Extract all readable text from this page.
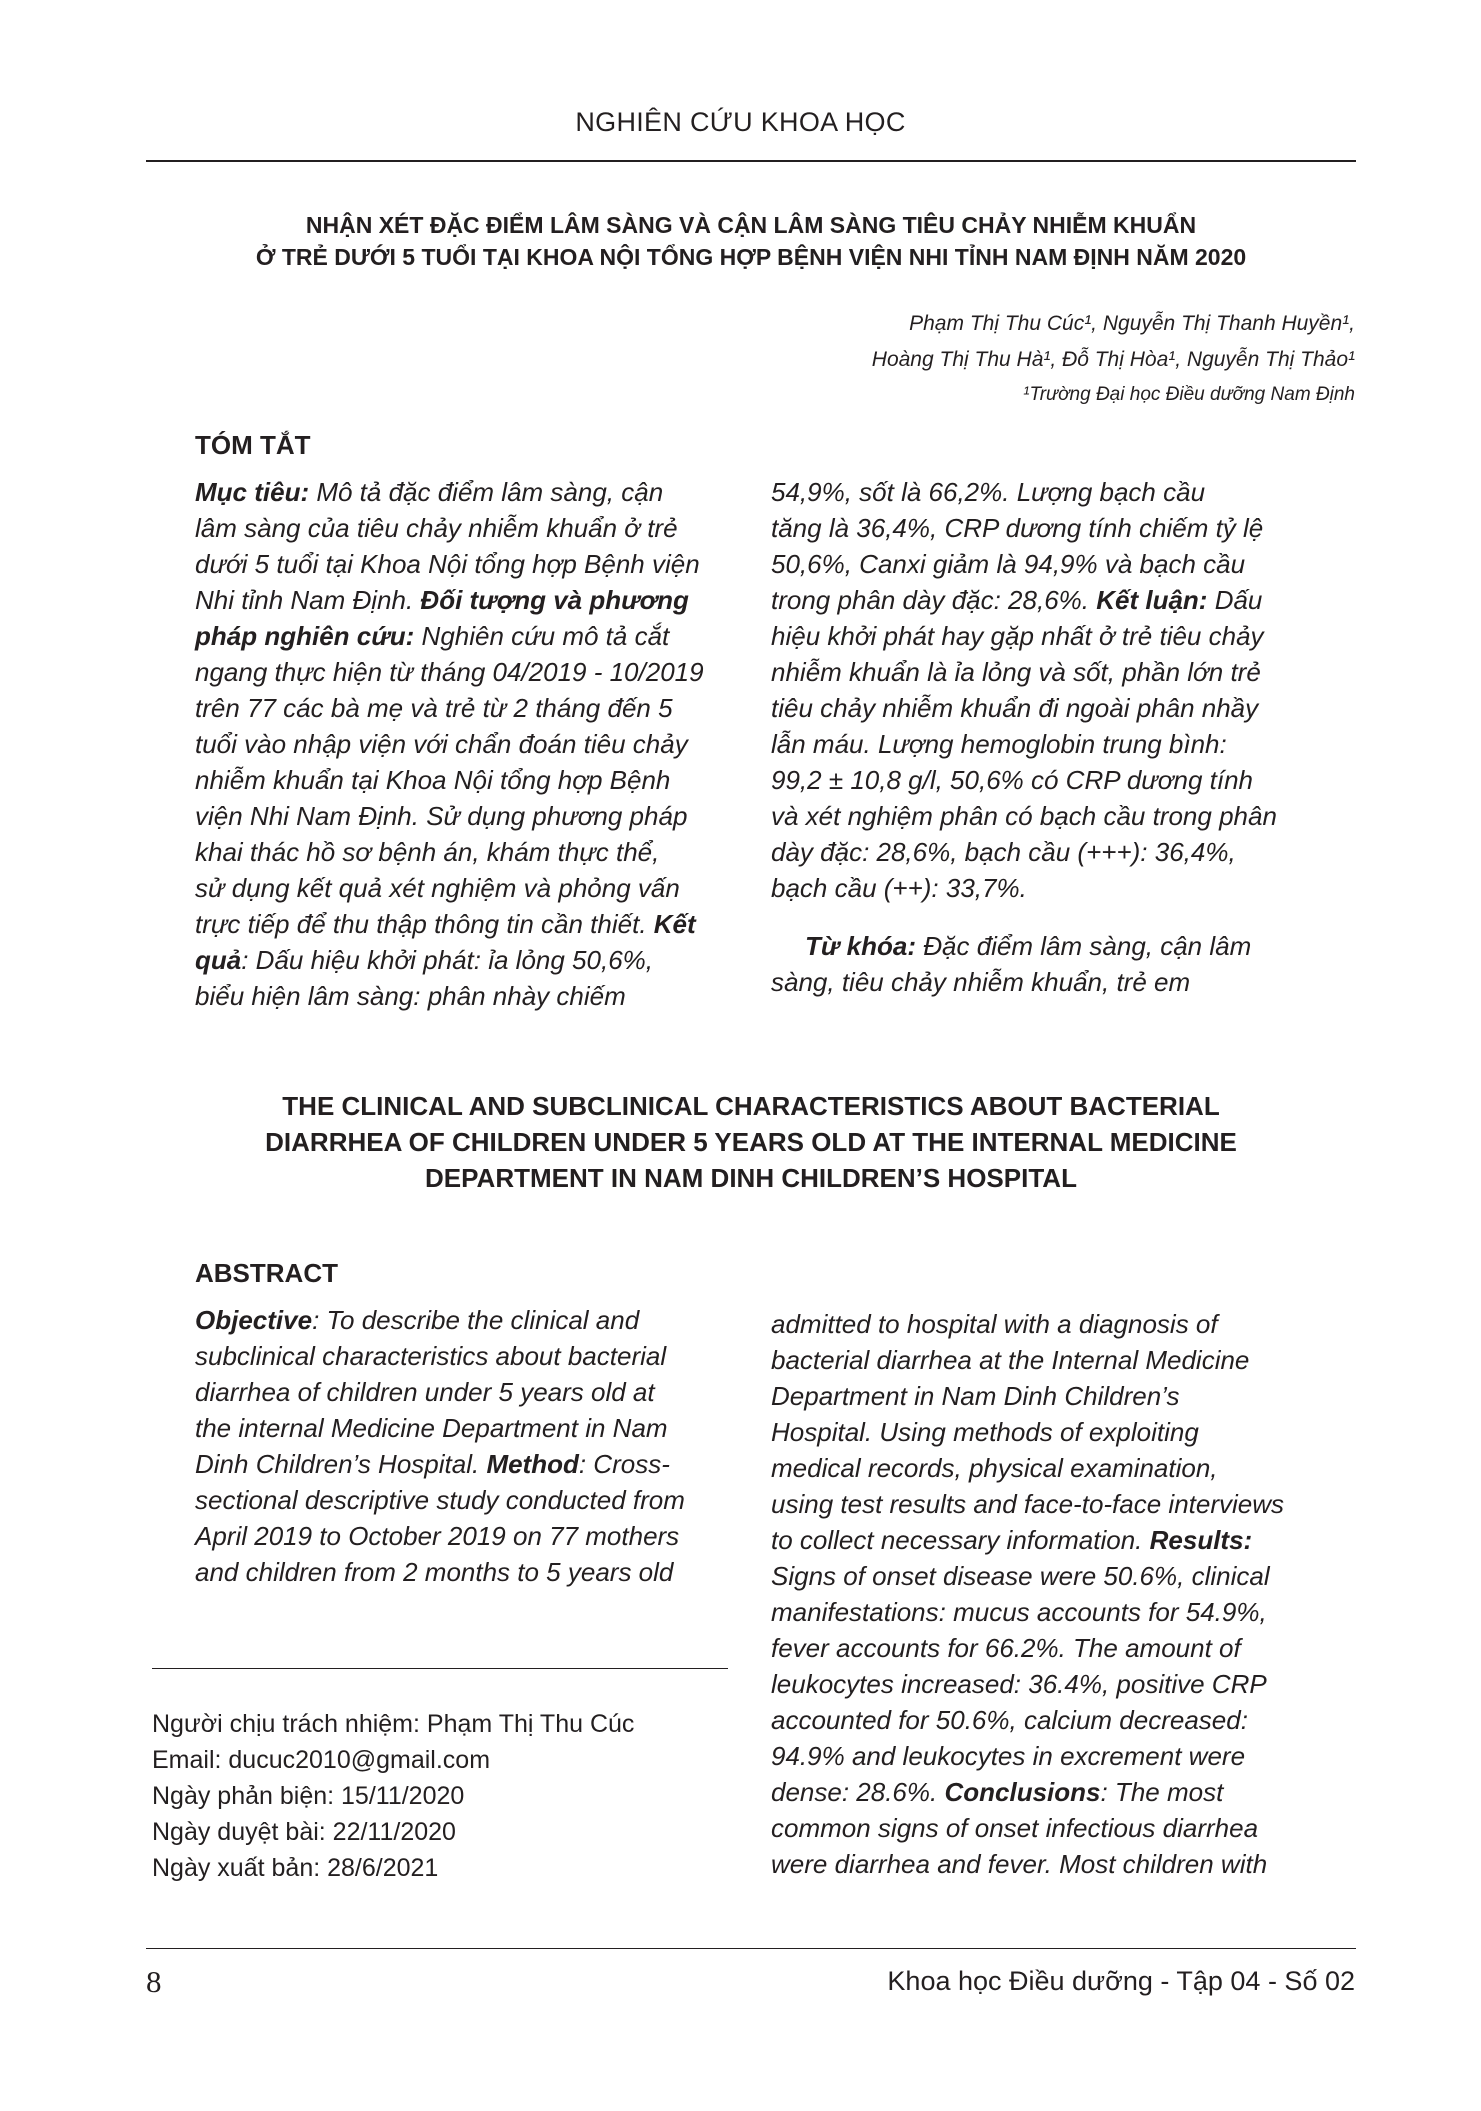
NGHIÊN CỨU KHOA HỌC
NHẬN XÉT ĐẶC ĐIỂM LÂM SÀNG VÀ CẬN LÂM SÀNG TIÊU CHẢY NHIỄM KHUẨN
Ở TRẺ DƯỚI 5 TUỔI TẠI KHOA NỘI TỔNG HỢP BỆNH VIỆN NHI TỈNH NAM ĐỊNH NĂM 2020
Phạm Thị Thu Cúc¹, Nguyễn Thị Thanh Huyền¹,
Hoàng Thị Thu Hà¹, Đỗ Thị Hòa¹, Nguyễn Thị Thảo¹
¹Trường Đại học Điều dưỡng Nam Định
TÓM TẮT
Mục tiêu: Mô tả đặc điểm lâm sàng, cận
lâm sàng của tiêu chảy nhiễm khuẩn ở trẻ
dưới 5 tuổi tại Khoa Nội tổng hợp Bệnh viện
Nhi tỉnh Nam Định. Đối tượng và phương
pháp nghiên cứu: Nghiên cứu mô tả cắt
ngang thực hiện từ tháng 04/2019 - 10/2019
trên 77 các bà mẹ và trẻ từ 2 tháng đến 5
tuổi vào nhập viện với chẩn đoán tiêu chảy
nhiễm khuẩn tại Khoa Nội tổng hợp Bệnh
viện Nhi Nam Định. Sử dụng phương pháp
khai thác hồ sơ bệnh án, khám thực thể,
sử dụng kết quả xét nghiệm và phỏng vấn
trực tiếp để thu thập thông tin cần thiết. Kết
quả: Dấu hiệu khởi phát: ỉa lỏng 50,6%,
biểu hiện lâm sàng: phân nhày chiếm
54,9%, sốt là 66,2%. Lượng bạch cầu
tăng là 36,4%, CRP dương tính chiếm tỷ lệ
50,6%, Canxi giảm là 94,9% và bạch cầu
trong phân dày đặc: 28,6%. Kết luận: Dấu
hiệu khởi phát hay gặp nhất ở trẻ tiêu chảy
nhiễm khuẩn là ỉa lỏng và sốt, phần lớn trẻ
tiêu chảy nhiễm khuẩn đi ngoài phân nhầy
lẫn máu. Lượng hemoglobin trung bình:
99,2 ± 10,8 g/l, 50,6% có CRP dương tính
và xét nghiệm phân có bạch cầu trong phân
dày đặc: 28,6%, bạch cầu (+++): 36,4%,
bạch cầu (++): 33,7%.
Từ khóa: Đặc điểm lâm sàng, cận lâm
sàng, tiêu chảy nhiễm khuẩn, trẻ em
THE CLINICAL AND SUBCLINICAL CHARACTERISTICS ABOUT BACTERIAL
DIARRHEA OF CHILDREN UNDER 5 YEARS OLD AT THE INTERNAL MEDICINE
DEPARTMENT IN NAM DINH CHILDREN’S HOSPITAL
ABSTRACT
Objective: To describe the clinical and
subclinical characteristics about bacterial
diarrhea of children under 5 years old at
the internal Medicine Department in Nam
Dinh Children’s Hospital. Method: Cross-
sectional descriptive study conducted from
April 2019 to October 2019 on 77 mothers
and children from 2 months to 5 years old
admitted to hospital with a diagnosis of
bacterial diarrhea at the Internal Medicine
Department in Nam Dinh Children’s
Hospital. Using methods of exploiting
medical records, physical examination,
using test results and face-to-face interviews
to collect necessary information. Results:
Signs of onset disease were 50.6%, clinical
manifestations: mucus accounts for 54.9%,
fever accounts for 66.2%. The amount of
leukocytes increased: 36.4%, positive CRP
accounted for 50.6%, calcium decreased:
94.9% and leukocytes in excrement were
dense: 28.6%. Conclusions: The most
common signs of onset infectious diarrhea
were diarrhea and fever. Most children with
Người chịu trách nhiệm: Phạm Thị Thu Cúc
Email: ducuc2010@gmail.com
Ngày phản biện: 15/11/2020
Ngày duyệt bài: 22/11/2020
Ngày xuất bản: 28/6/2021
8	Khoa học Điều dưỡng - Tập 04 - Số 02
